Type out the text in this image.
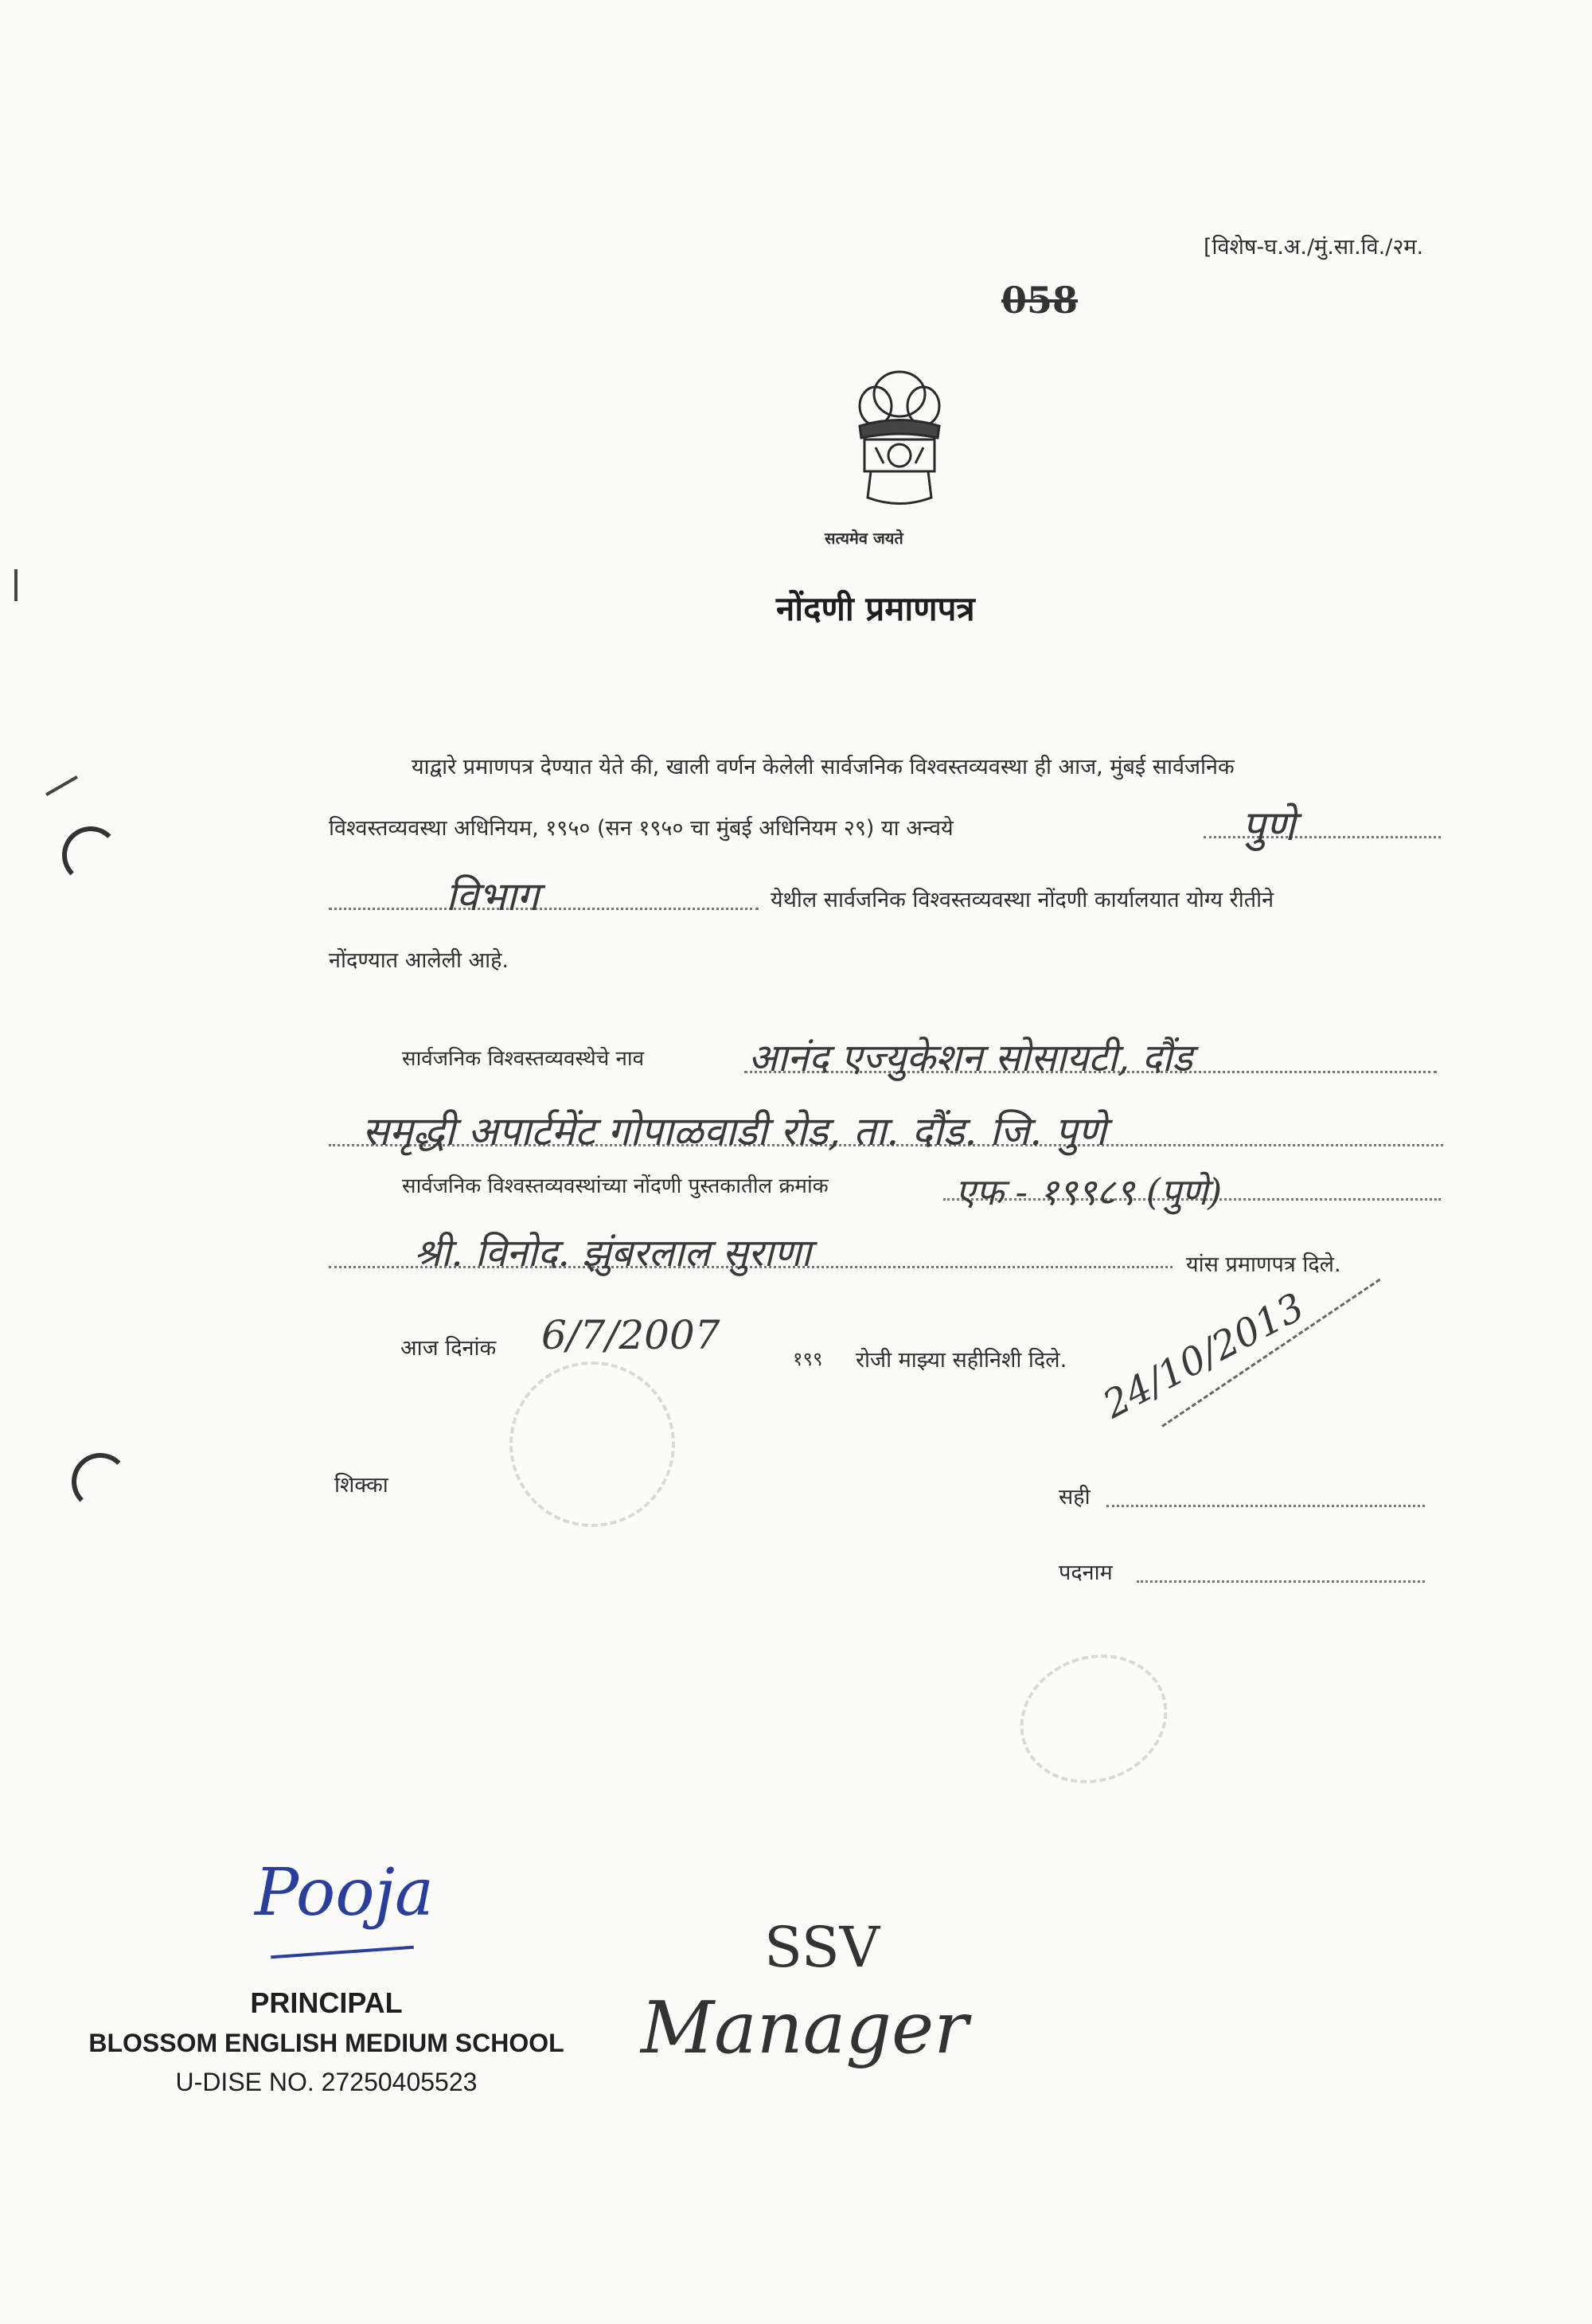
[विशेष-घ.अ./मुं.सा.वि./२म.
058
सत्यमेव जयते
नोंदणी प्रमाणपत्र
याद्वारे प्रमाणपत्र देण्यात येते की, खाली वर्णन केलेली सार्वजनिक विश्वस्तव्यवस्था ही आज, मुंबई सार्वजनिक
विश्वस्तव्यवस्था अधिनियम, १९५० (सन १९५० चा मुंबई अधिनियम २९) या अन्वये	पुणे
विभाग	येथील सार्वजनिक विश्वस्तव्यवस्था नोंदणी कार्यालयात योग्य रीतीने
नोंदण्यात आलेली आहे.
सार्वजनिक विश्वस्तव्यवस्थेचे नाव	आनंद एज्युकेशन सोसायटी, दौंड
समृद्धी अपार्टमेंट गोपाळवाडी रोड, ता. दौंड. जि. पुणे
सार्वजनिक विश्वस्तव्यवस्थांच्या नोंदणी पुस्तकातील क्रमांक	एफ - १९९८९ (पुणे)
श्री. विनोद. झुंबरलाल सुराणा	यांस प्रमाणपत्र दिले.
आज दिनांक 6/7/2007
१९९ रोजी माझ्या सहीनिशी दिले. 24/10/2013
शिक्का	सही
पदनाम
Pooja
PRINCIPAL
BLOSSOM ENGLISH MEDIUM SCHOOL
U-DISE NO. 27250405523
SSV
Manager
